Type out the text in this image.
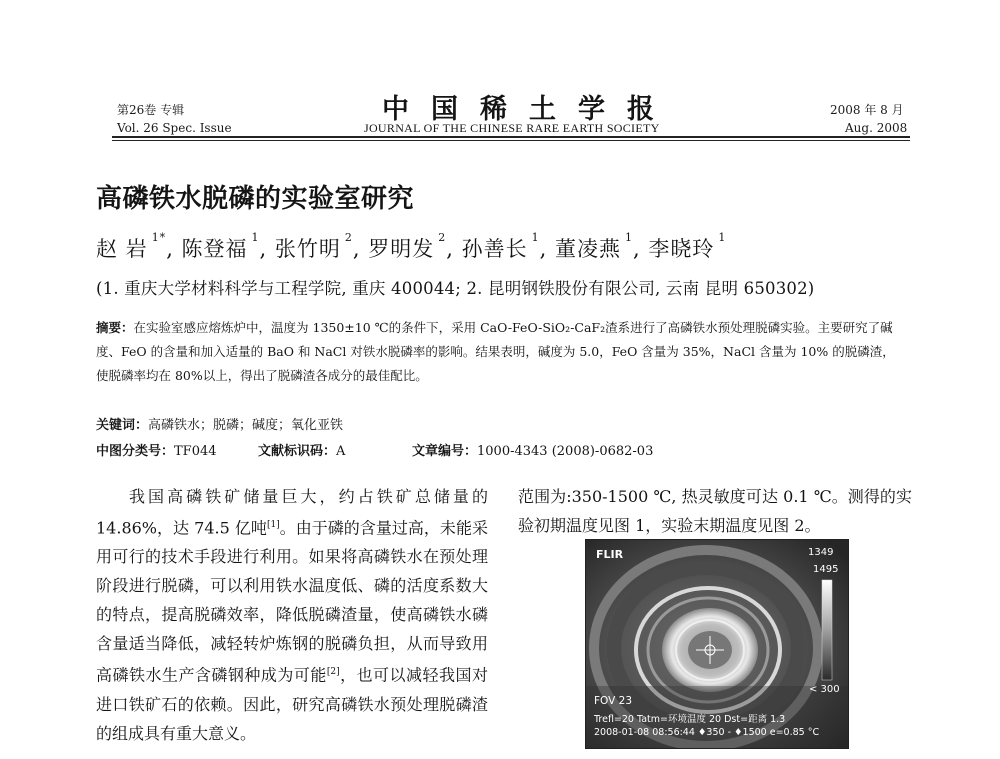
第26卷 专辑
Vol. 26 Spec. Issue
中国稀土学报
JOURNAL OF THE CHINESE RARE EARTH SOCIETY
2008 年 8 月
Aug. 2008
高磷铁水脱磷的实验室研究
赵 岩 $^{1*}$, 陈登福 $^1$, 张竹明 $^2$, 罗明发 $^2$, 孙善长 $^1$, 董凌燕 $^1$, 李晓玲 $^1$
(1. 重庆大学材料科学与工程学院, 重庆 400044; 2. 昆明钢铁股份有限公司, 云南 昆明 650302)
摘要：在实验室感应熔炼炉中，温度为 1350±10 ℃的条件下，采用 CaO-FeO-SiO₂-CaF₂渣系进行了高磷铁水预处理脱磷实验。主要研究了碱度、FeO 的含量和加入适量的 BaO 和 NaCl 对铁水脱磷率的影响。结果表明，碱度为 5.0，FeO 含量为 35%，NaCl 含量为 10% 的脱磷渣，使脱磷率均在 80%以上，得出了脱磷渣各成分的最佳配比。
关键词：高磷铁水；脱磷；碱度；氧化亚铁
中图分类号：TF044	文献标识码：A	文章编号：1000-4343 (2008)-0682-03
我国高磷铁矿储量巨大，约占铁矿总储量的 14.86%，达 74.5 亿吨[1]。由于磷的含量过高，未能采用可行的技术手段进行利用。如果将高磷铁水在预处理阶段进行脱磷，可以利用铁水温度低、磷的活度系数大的特点，提高脱磷效率，降低脱磷渣量，使高磷铁水磷含量适当降低，减轻转炉炼钢的脱磷负担，从而导致用高磷铁水生产含磷钢种成为可能[2]，也可以减轻我国对进口铁矿石的依赖。因此，研究高磷铁水预处理脱磷渣的组成具有重大意义。
范围为:350-1500 ℃, 热灵敏度可达 0.1 ℃。测得的实验初期温度见图 1，实验末期温度见图 2。
FLIR	1349
1495
< 300
FOV 23
Trefl=20 Tatm=环境温度 20 Dst=距离 1.3
2008-01-08 08:56:44 ♦350 - ♦1500 e=0.85 °C
